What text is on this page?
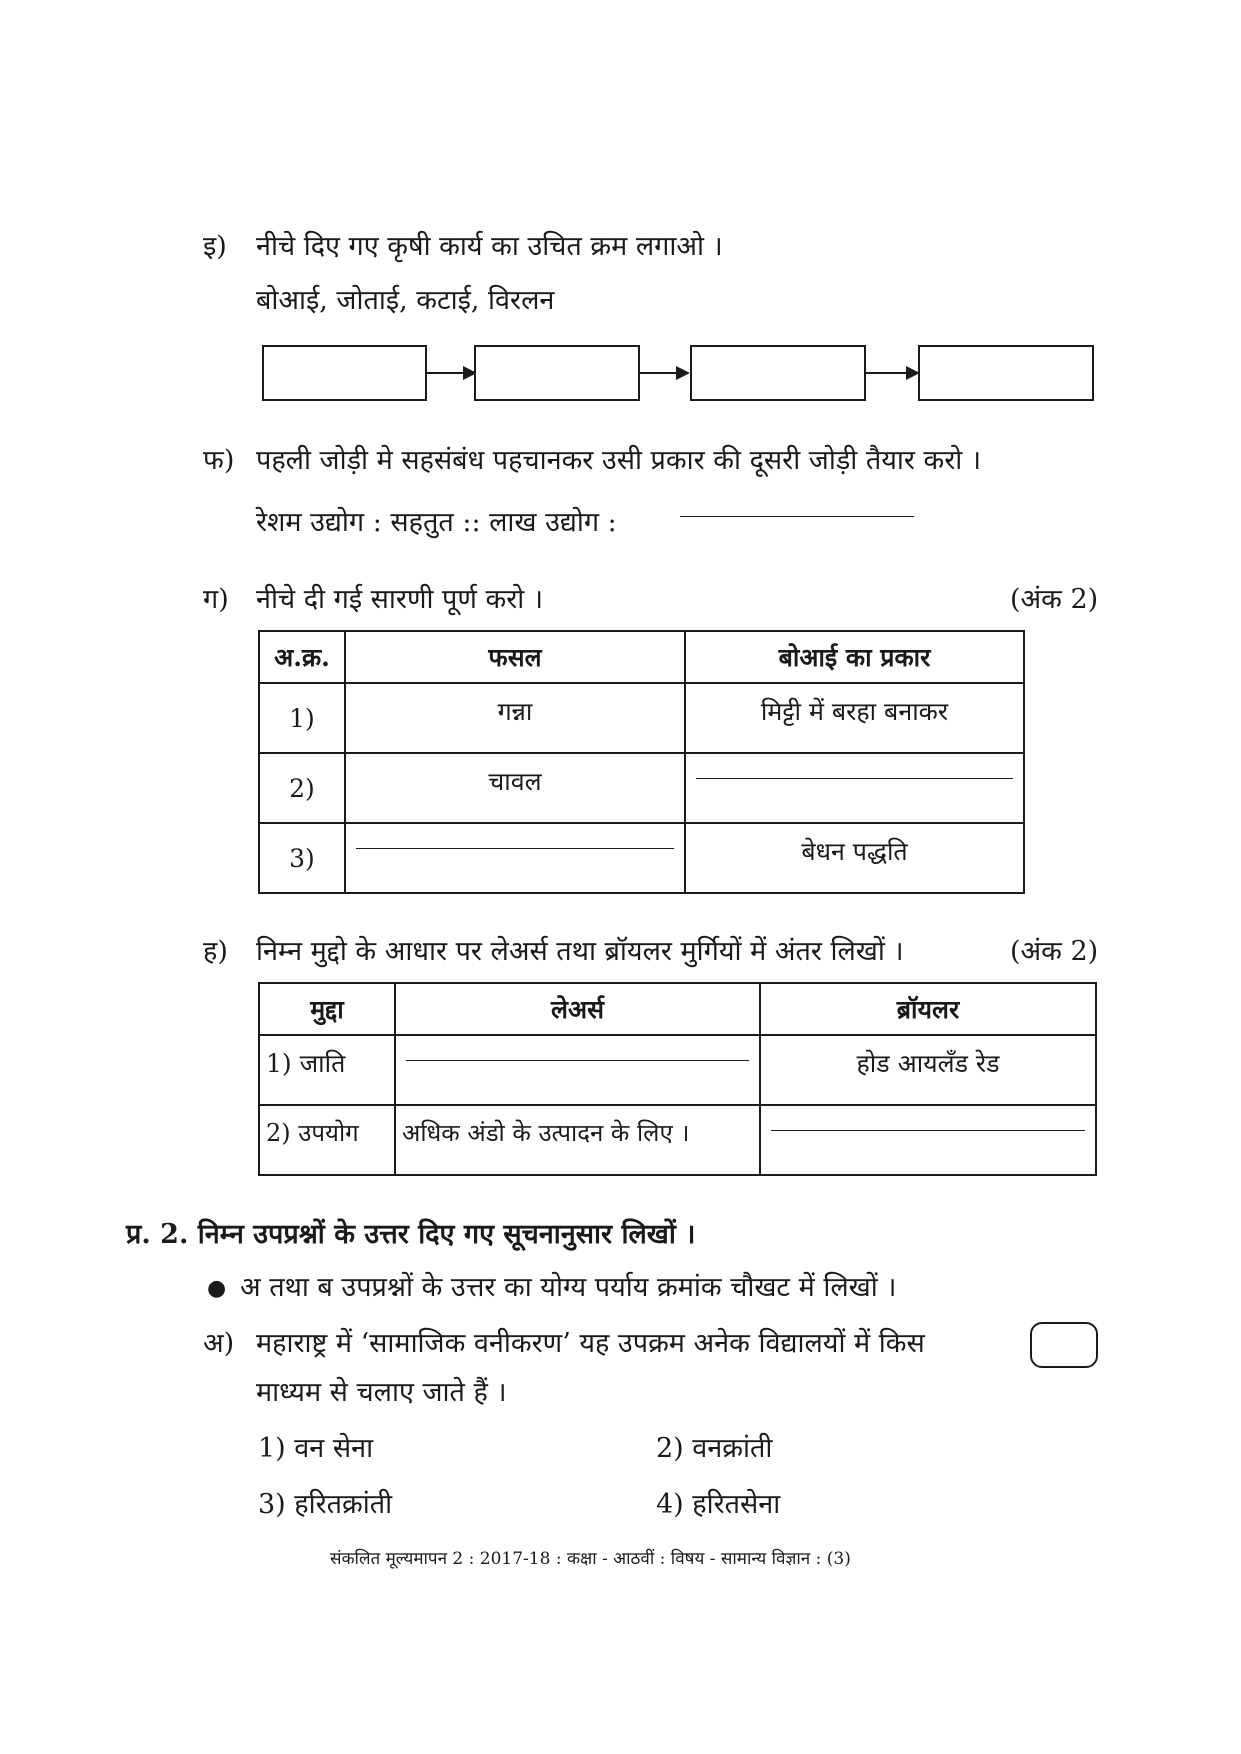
इ) नीचे दिए गए कृषी कार्य का उचित क्रम लगाओ ।
बोआई, जोताई, कटाई, विरलन
फ) पहली जोड़ी मे सहसंबंध पहचानकर उसी प्रकार की दूसरी जोड़ी तैयार करो ।
रेशम उद्योग : सहतुत :: लाख उद्योग :
ग) नीचे दी गई सारणी पूर्ण करो ।	(अंक 2)
अ.क्र.	फसल	बोआई का प्रकार
1)	गन्ना	मिट्टी में बरहा बनाकर
2)	चावल	

3)		बेधन पद्धति
ह) निम्न मुद्दो के आधार पर लेअर्स तथा ब्रॉयलर मुर्गियों में अंतर लिखों ।	(अंक 2)
मुद्दा	लेअर्स	ब्रॉयलर
1) जाति		होड आयलँड रेड
2) उपयोग	अधिक अंडो के उत्पादन के लिए ।	
प्र. 2. निम्न उपप्रश्नों के उत्तर दिए गए सूचनानुसार लिखों ।
● अ तथा ब उपप्रश्नों के उत्तर का योग्य पर्याय क्रमांक चौखट में लिखों ।
अ) महाराष्ट्र में ‘सामाजिक वनीकरण’ यह उपक्रम अनेक विद्यालयों में किस
माध्यम से चलाए जाते हैं ।
1) वन सेना	2) वनक्रांती
3) हरितक्रांती	4) हरितसेना
संकलित मूल्यमापन 2 : 2017-18 : कक्षा - आठवीं : विषय - सामान्य विज्ञान : (3)
